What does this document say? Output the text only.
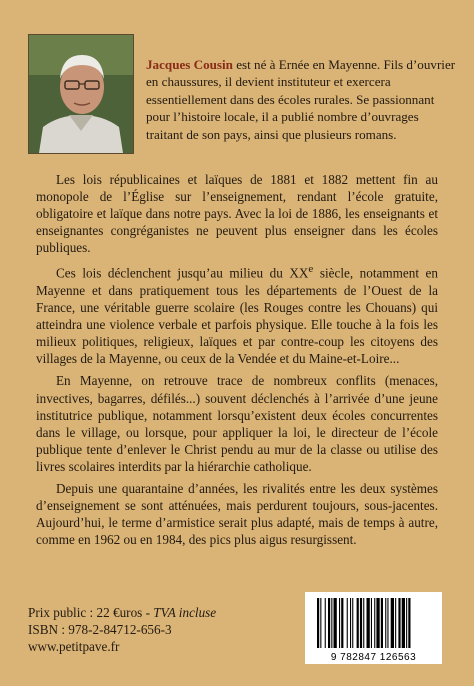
Jacques Cousin est né à Ernée en Mayenne. Fils d’ouvrier en chaussures, il devient instituteur et exercera essentiellement dans des écoles rurales. Se passionnant pour l’histoire locale, il a publié nombre d’ouvrages traitant de son pays, ainsi que plusieurs romans.

Les lois républicaines et laïques de 1881 et 1882 mettent fin au monopole de l’Église sur l’enseignement, rendant l’école gratuite, obligatoire et laïque dans notre pays. Avec la loi de 1886, les enseignants et enseignantes congréganistes ne peuvent plus enseigner dans les écoles publiques.

Ces lois déclenchent jusqu’au milieu du XXe siècle, notamment en Mayenne et dans pratiquement tous les départements de l’Ouest de la France, une véritable guerre scolaire (les Rouges contre les Chouans) qui atteindra une violence verbale et parfois physique. Elle touche à la fois les milieux politiques, religieux, laïques et par contre-coup les citoyens des villages de la Mayenne, ou ceux de la Vendée et du Maine-et-Loire...

En Mayenne, on retrouve trace de nombreux conflits (menaces, invectives, bagarres, défilés...) souvent déclenchés à l’arrivée d’une jeune institutrice publique, notamment lorsqu’existent deux écoles concurrentes dans le village, ou lorsque, pour appliquer la loi, le directeur de l’école publique tente d’enlever le Christ pendu au mur de la classe ou utilise des livres scolaires interdits par la hiérarchie catholique.

Depuis une quarantaine d’années, les rivalités entre les deux systèmes d’enseignement se sont atténuées, mais perdurent toujours, sous-jacentes. Aujourd’hui, le terme d’armistice serait plus adapté, mais de temps à autre, comme en 1962 ou en 1984, des pics plus aigus resurgissent.

Prix public : 22 €uros - TVA incluse
ISBN : 978-2-84712-656-3
www.petitpave.fr
9 782847 126563
